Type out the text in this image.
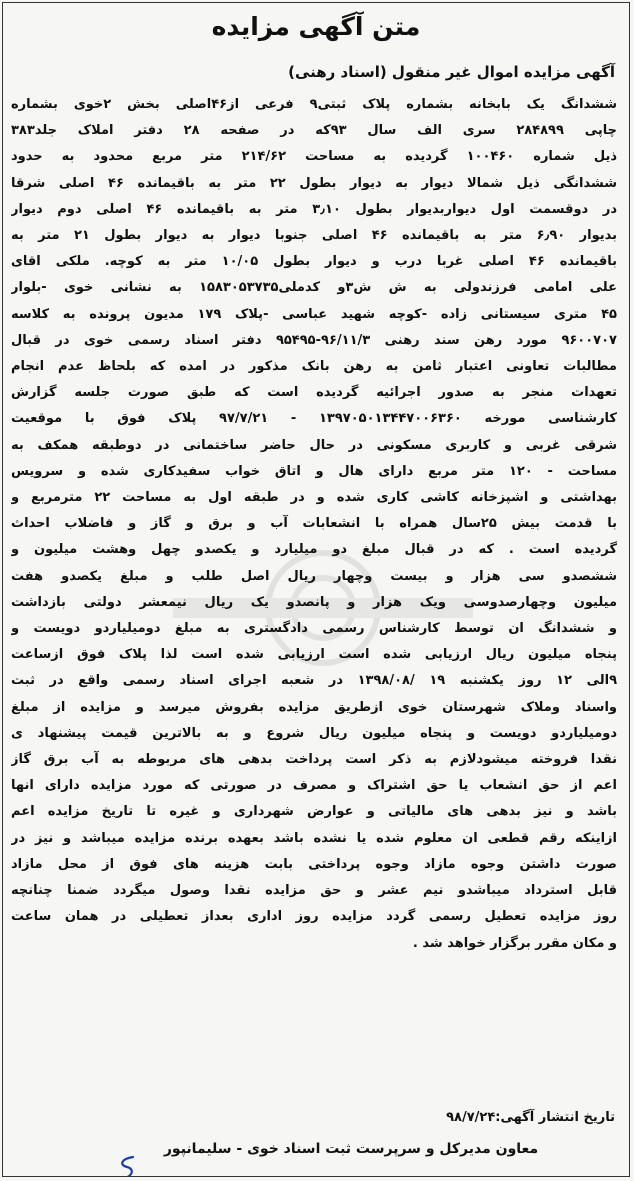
متن آگهی مزایده
آگهی مزایده اموال غیر منقول (اسناد رهنی)
ششدانگ یک بابخانه بشماره پلاک ثبتی۹ فرعی از۴۶اصلی بخش ۲خوی بشماره
چاپی ۲۸۴۸۹۹ سری الف سال ۹۳که در صفحه ۲۸ دفتر املاک جلد۳۸۳
ذیل شماره ۱۰۰۴۶۰ گردیده به مساحت ۲۱۴/۶۲ متر مربع محدود به حدود
ششدانگی ذیل شمالا دیوار به دیوار بطول ۲۲ متر به باقیمانده ۴۶ اصلی شرقا
در دوقسمت اول دیواربدیوار بطول ۳٫۱۰ متر به باقیمانده ۴۶ اصلی دوم دیوار
بدیوار ۶٫۹۰ متر به باقیمانده ۴۶ اصلی جنوبا دیوار به دیوار بطول ۲۱ متر به
باقیمانده ۴۶ اصلی غربا درب و دیوار بطول ۱۰/۰۵ متر به کوچه. ملکی اقای
علی امامی فرزندولی به ش ش۳و کدملی۱۵۸۳۰۵۳۷۳۵ به نشانی خوی -بلوار
۴۵ متری سیستانی زاده -کوچه شهید عباسی -پلاک ۱۷۹ مدیون پرونده به کلاسه
۹۶۰۰۷۰۷ مورد رهن سند رهنی ۹۶/۱۱/۳-۹۵۴۹۵ دفتر اسناد رسمی خوی در قبال
مطالبات تعاونی اعتبار ثامن به رهن بانک مذکور در امده که بلحاظ عدم انجام
تعهدات منجر به صدور اجرائیه گردیده است که طبق صورت جلسه گزارش
کارشناسی مورخه ۱۳۹۷۰۵۰۱۳۴۴۷۰۰۶۳۶۰ - ۹۷/۷/۲۱ پلاک فوق با موقعیت
شرقی غربی و کاربری مسکونی در حال حاضر ساختمانی در دوطبقه همکف به
مساحت - ۱۲۰ متر مربع دارای هال و اتاق خواب سفیدکاری شده و سرویس
بهداشتی و اشپزخانه کاشی کاری شده و در طبقه اول به مساحت ۲۲ مترمربع و
با قدمت بیش ۲۵سال همراه با انشعابات آب و برق و گاز و فاضلاب احداث
گردیده است . که در قبال مبلغ دو میلیارد و یکصدو چهل وهشت میلیون و
ششصدو سی هزار و بیست وچهار ریال اصل طلب و مبلغ یکصدو هفت
میلیون وچهارصدوسی ویک هزار و پانصدو یک ریال نیمعشر دولتی بازداشت
و ششدانگ ان توسط کارشناس رسمی دادگستری به مبلغ دومیلیاردو دویست و
پنجاه میلیون ریال ارزیابی شده است ارزیابی شده است لذا پلاک فوق ازساعت
۹الی ۱۲ روز یکشنبه ۱۹ /۱۳۹۸/۰۸ در شعبه اجرای اسناد رسمی واقع در ثبت
واسناد وملاک شهرستان خوی ازطریق مزایده بفروش میرسد و مزایده از مبلغ
دومیلیاردو دویست و پنجاه میلیون ریال شروع و به بالاترین قیمت پیشنهاد ی
نقدا فروخته میشودلازم به ذکر است پرداخت بدهی های مربوطه به آب برق گاز
اعم از حق انشعاب یا حق اشتراک و مصرف در صورتی که مورد مزایده دارای انها
باشد و نیز بدهی های مالیاتی و عوارض شهرداری و غیره تا تاریخ مزایده اعم
ازاینکه رقم قطعی ان معلوم شده یا نشده باشد بعهده برنده مزایده میباشد و نیز در
صورت داشتن وجوه مازاد وجوه پرداختی بابت هزینه های فوق از محل مازاد
قابل استرداد میباشدو نیم عشر و حق مزایده نقدا وصول میگردد ضمنا چنانچه
روز مزایده تعطیل رسمی گردد مزایده روز اداری بعداز تعطیلی در همان ساعت
و مکان مقرر برگزار خواهد شد .
تاریخ انتشار آگهی:۹۸/۷/۲۴
معاون مدیرکل و سرپرست ثبت اسناد خوی - سلیمانپور
